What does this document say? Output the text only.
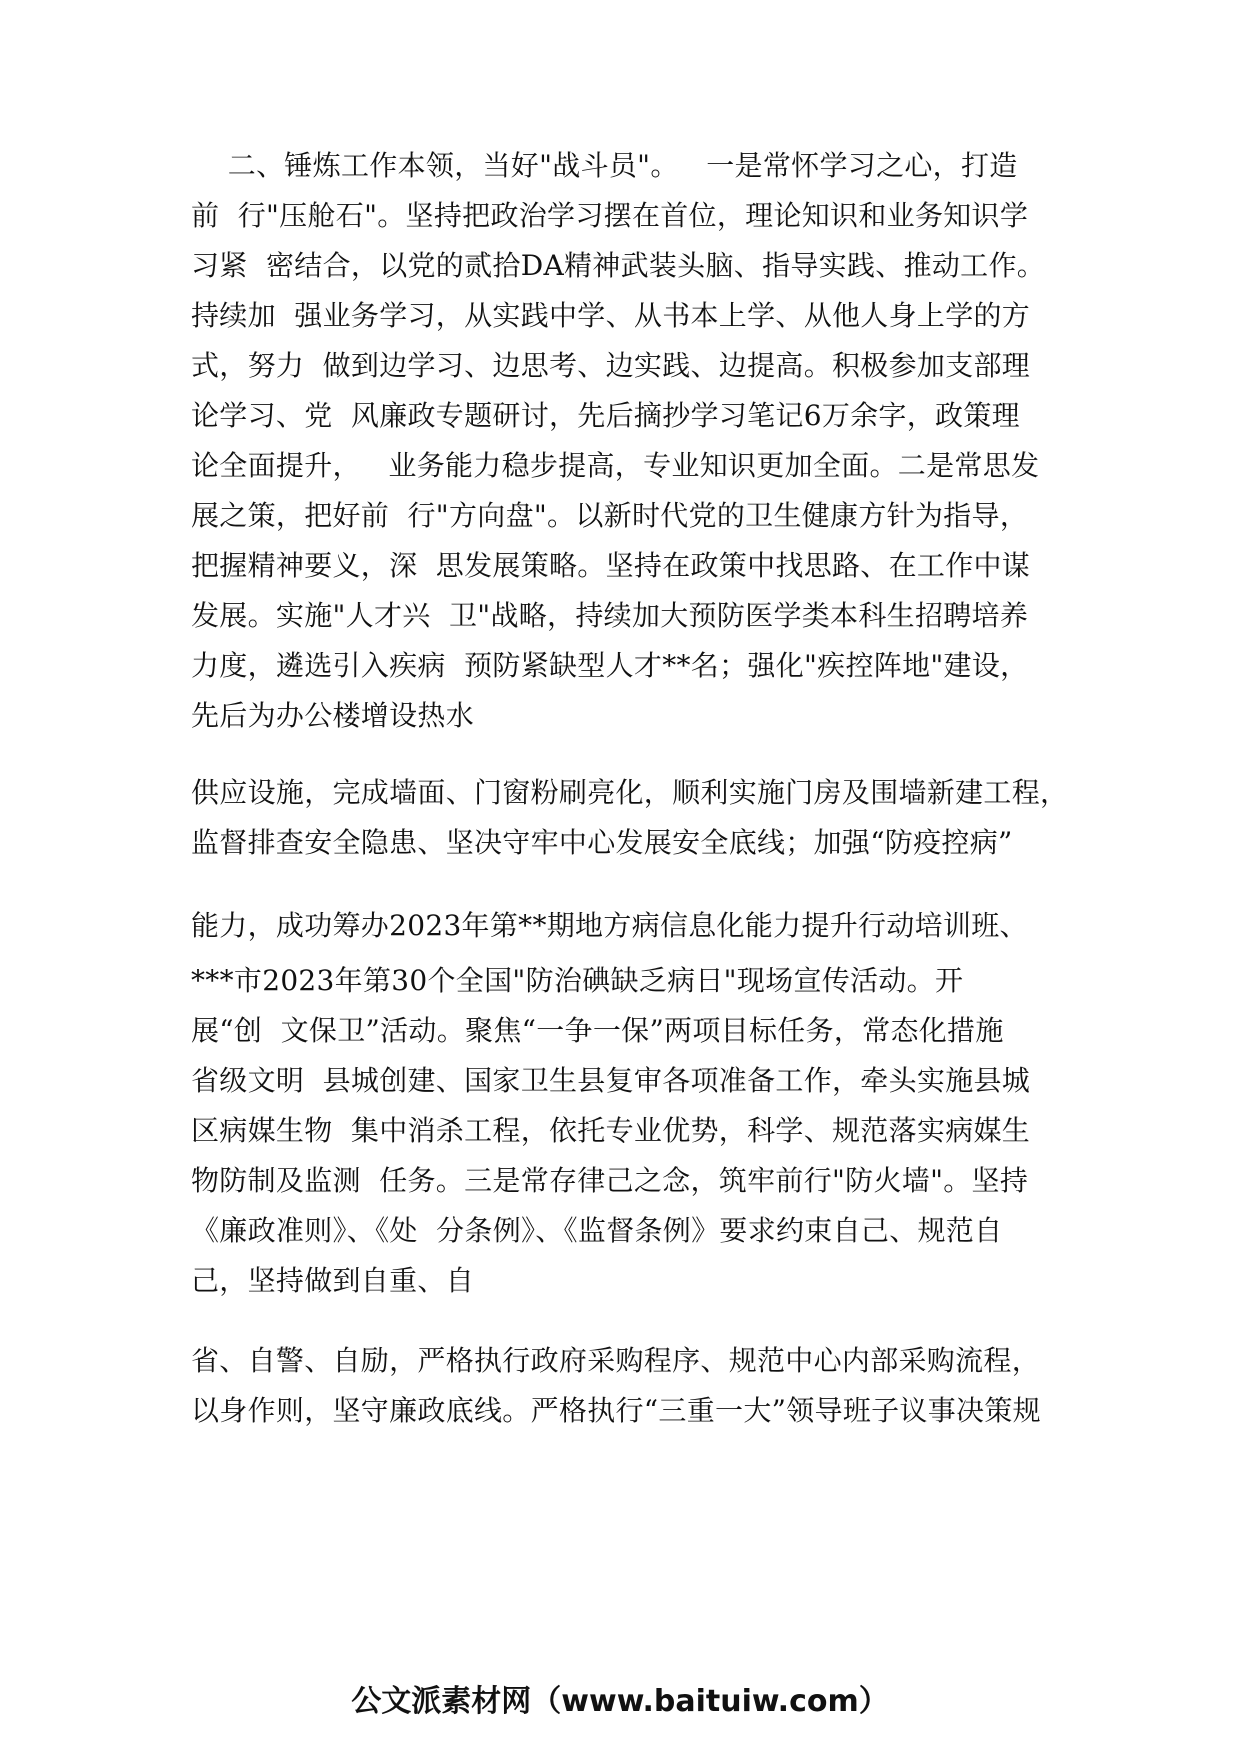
二、锤炼工作本领，当好"战斗员"。   一是常怀学习之心，打造
前  行"压舱石"。坚持把政治学习摆在首位，理论知识和业务知识学
习紧  密结合，以党的贰拾DA精神武装头脑、指导实践、推动工作。
持续加  强业务学习，从实践中学、从书本上学、从他人身上学的方
式，努力  做到边学习、边思考、边实践、边提高。积极参加支部理
论学习、党  风廉政专题研讨，先后摘抄学习笔记6万余字，政策理
论全面提升，   业务能力稳步提高，专业知识更加全面。二是常思发
展之策，把好前  行"方向盘"。以新时代党的卫生健康方针为指导，
把握精神要义，深  思发展策略。坚持在政策中找思路、在工作中谋
发展。实施"人才兴  卫"战略，持续加大预防医学类本科生招聘培养
力度，遴选引入疾病  预防紧缺型人才**名；强化"疾控阵地"建设，
先后为办公楼增设热水
供应设施，完成墙面、门窗粉刷亮化，顺利实施门房及围墙新建工程，
监督排查安全隐患、坚决守牢中心发展安全底线；加强“防疫控病”
能力，成功筹办2023年第**期地方病信息化能力提升行动培训班、
***市2023年第30个全国"防治碘缺乏病日"现场宣传活动。开
展“创  文保卫”活动。聚焦“一争一保”两项目标任务，常态化措施
省级文明  县城创建、国家卫生县复审各项准备工作，牵头实施县城
区病媒生物  集中消杀工程，依托专业优势，科学、规范落实病媒生
物防制及监测  任务。三是常存律己之念，筑牢前行"防火墙"。坚持
《廉政准则》、《处  分条例》、《监督条例》要求约束自己、规范自
己，坚持做到自重、自
省、自警、自励，严格执行政府采购程序、规范中心内部采购流程，
以身作则，坚守廉政底线。严格执行“三重一大”领导班子议事决策规
公文派素材网（www.baituiw.com）
